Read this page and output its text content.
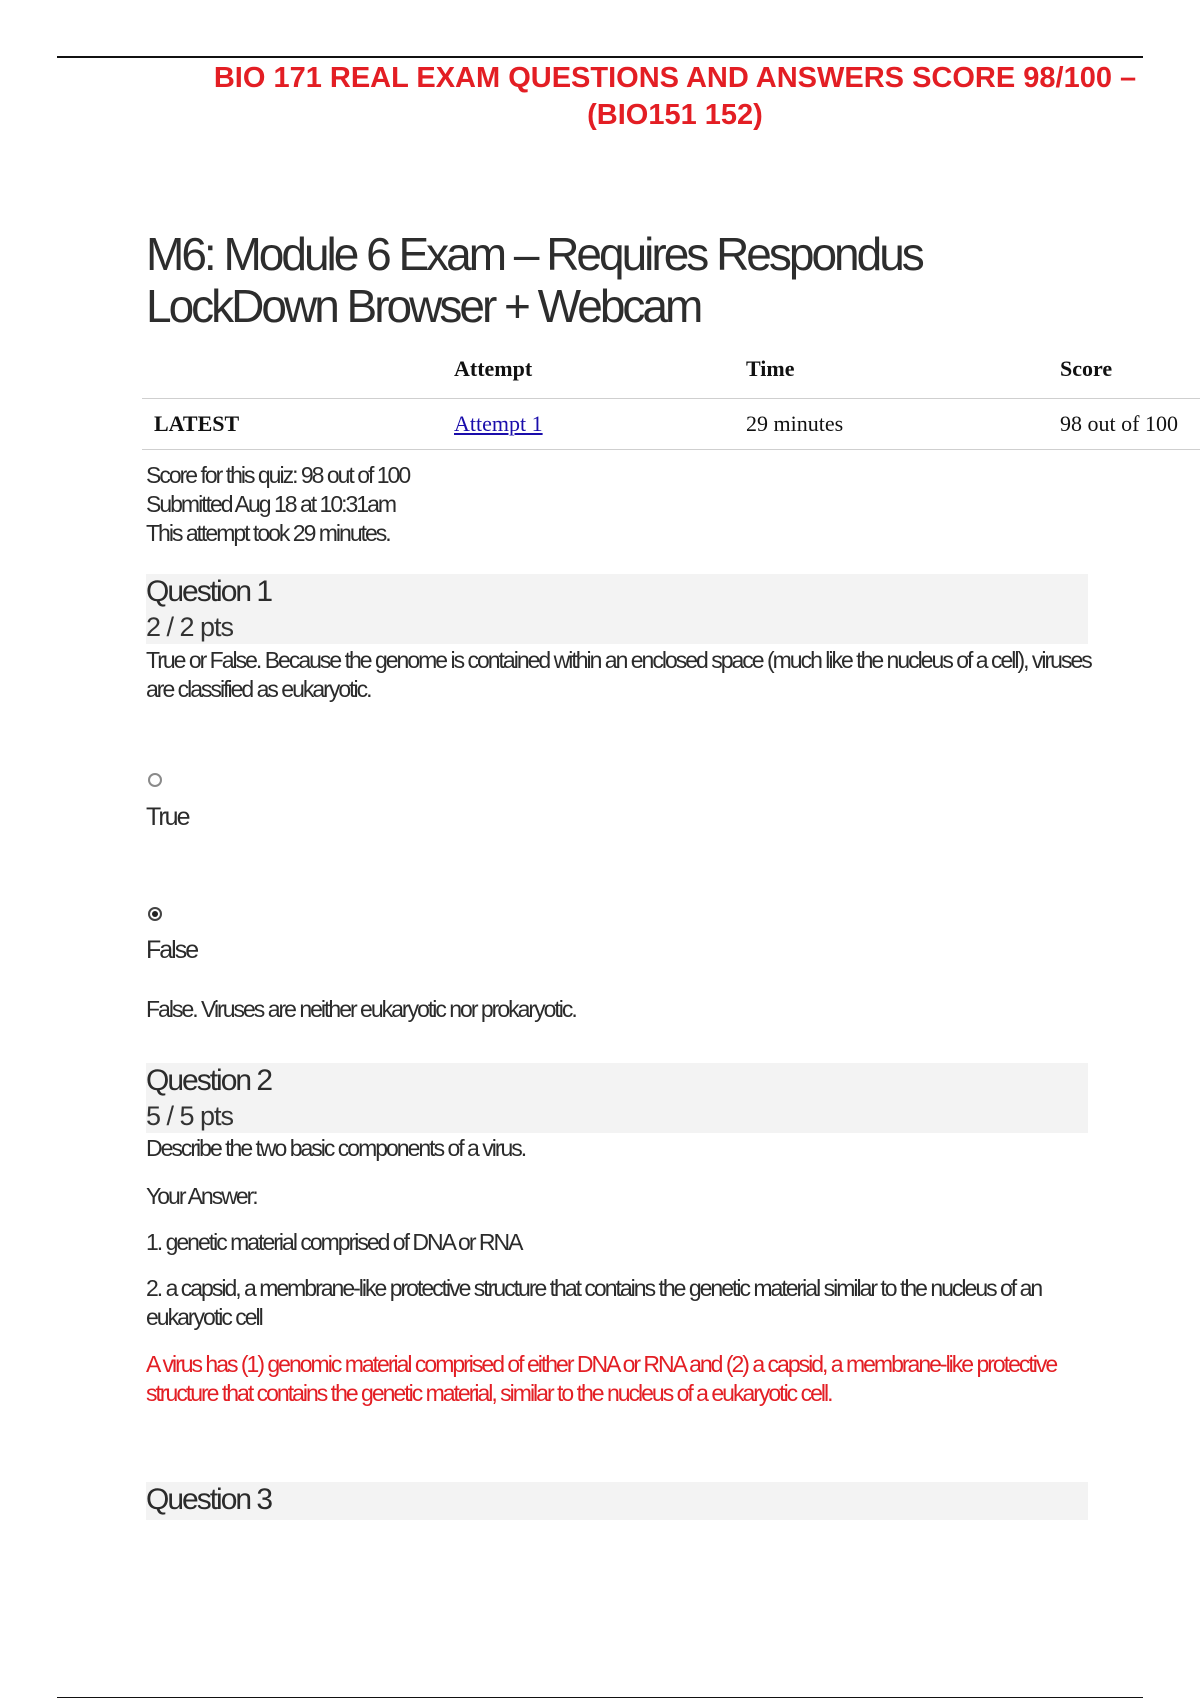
BIO 171 REAL EXAM QUESTIONS AND ANSWERS SCORE 98/100 –
(BIO151 152)
M6: Module 6 Exam – Requires Respondus
LockDown Browser + Webcam
	Attempt	Time	Score
LATEST	Attempt 1	29 minutes	98 out of 100
Score for this quiz: 98 out of 100
Submitted Aug 18 at 10:31am
This attempt took 29 minutes.
Question 1
2 / 2 pts
True or False. Because the genome is contained within an enclosed space (much like the nucleus of a cell), viruses are classified as eukaryotic.
True
False
False. Viruses are neither eukaryotic nor prokaryotic.
Question 2
5 / 5 pts
Describe the two basic components of a virus.
Your Answer:
1. genetic material comprised of DNA or RNA
2. a capsid, a membrane-like protective structure that contains the genetic material similar to the nucleus of an eukaryotic cell
A virus has (1) genomic material comprised of either DNA or RNA and (2) a capsid, a membrane-like protective structure that contains the genetic material, similar to the nucleus of a eukaryotic cell.
Question 3
